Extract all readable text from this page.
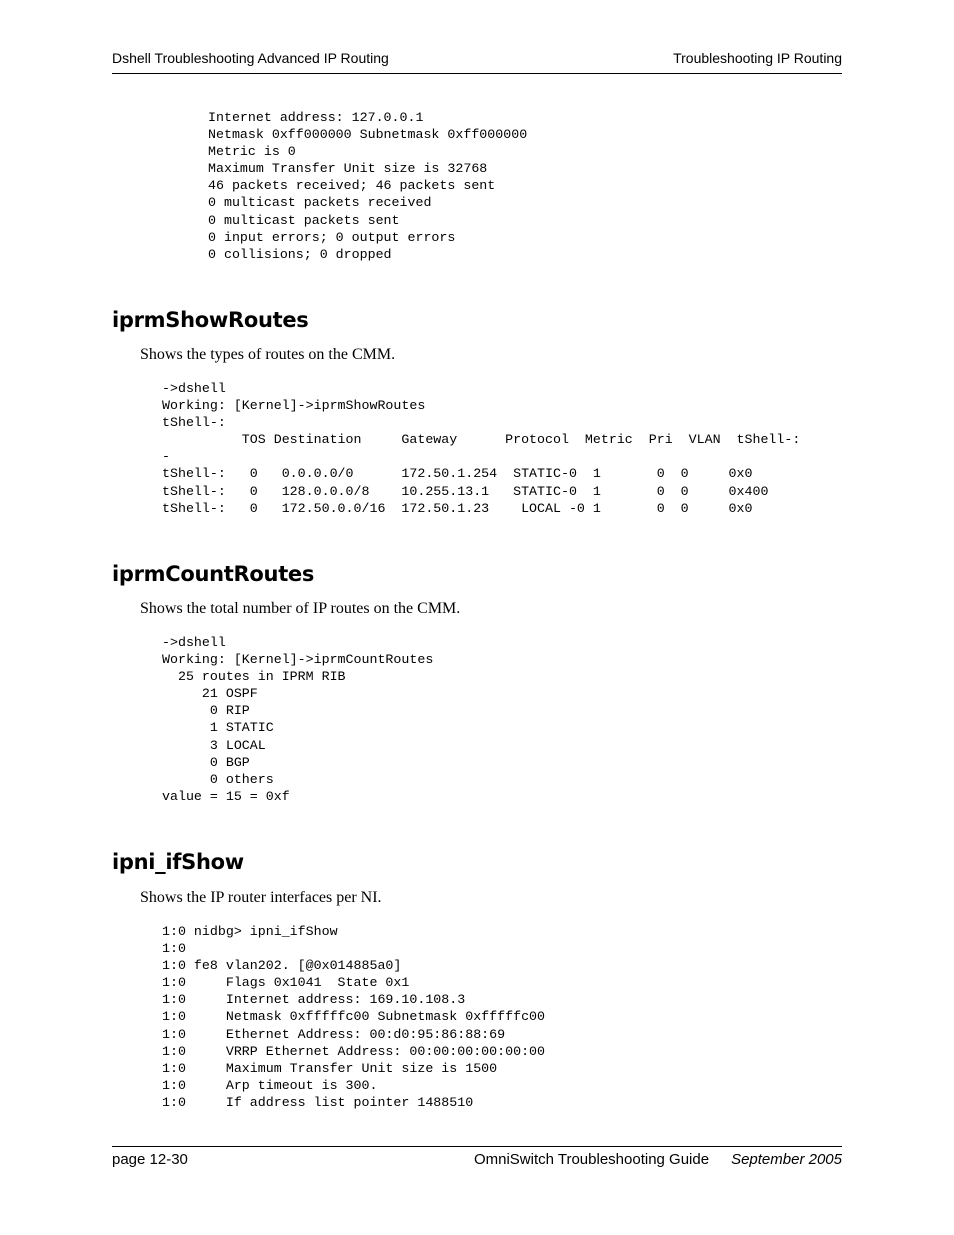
Dshell Troubleshooting Advanced IP Routing	Troubleshooting IP Routing
Internet address: 127.0.0.1
Netmask 0xff000000 Subnetmask 0xff000000
Metric is 0
Maximum Transfer Unit size is 32768
46 packets received; 46 packets sent
0 multicast packets received
0 multicast packets sent
0 input errors; 0 output errors
0 collisions; 0 dropped
iprmShowRoutes

Shows the types of routes on the CMM.

->dshell
Working: [Kernel]->iprmShowRoutes
tShell-:
TOS Destination     Gateway      Protocol  Metric  Pri  VLAN  tShell-:
-
tShell-:   0   0.0.0.0/0      172.50.1.254  STATIC-0  1       0  0     0x0
tShell-:   0   128.0.0.0/8    10.255.13.1   STATIC-0  1       0  0     0x400
tShell-:   0   172.50.0.0/16  172.50.1.23    LOCAL -0 1       0  0     0x0
iprmCountRoutes

Shows the total number of IP routes on the CMM.

->dshell
Working: [Kernel]->iprmCountRoutes
25 routes in IPRM RIB
21 OSPF
0 RIP
1 STATIC
3 LOCAL
0 BGP
0 others
value = 15 = 0xf
ipni_ifShow

Shows the IP router interfaces per NI.

1:0 nidbg> ipni_ifShow
1:0
1:0 fe8 vlan202. [@0x014885a0]
1:0     Flags 0x1041  State 0x1
1:0     Internet address: 169.10.108.3
1:0     Netmask 0xfffffc00 Subnetmask 0xfffffc00
1:0     Ethernet Address: 00:d0:95:86:88:69
1:0     VRRP Ethernet Address: 00:00:00:00:00:00
1:0     Maximum Transfer Unit size is 1500
1:0     Arp timeout is 300.
1:0     If address list pointer 1488510
page 12-30	OmniSwitch Troubleshooting Guide September 2005
